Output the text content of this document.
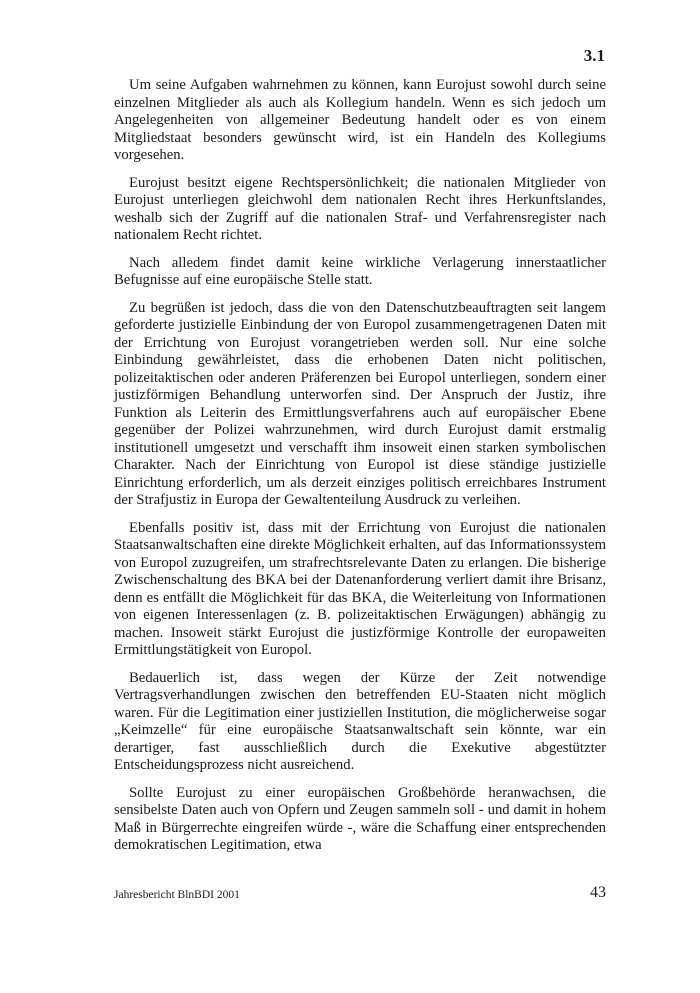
3.1

Um seine Aufgaben wahrnehmen zu können, kann Eurojust sowohl durch seine einzelnen Mitglieder als auch als Kollegium handeln. Wenn es sich jedoch um Angelegenheiten von allgemeiner Bedeutung handelt oder es von einem Mitgliedstaat besonders gewünscht wird, ist ein Handeln des Kollegiums vorgesehen.

Eurojust besitzt eigene Rechtspersönlichkeit; die nationalen Mitglieder von Eurojust unterliegen gleichwohl dem nationalen Recht ihres Herkunftslandes, weshalb sich der Zugriff auf die nationalen Straf- und Verfahrensregister nach nationalem Recht richtet.

Nach alledem findet damit keine wirkliche Verlagerung innerstaatlicher Befugnisse auf eine europäische Stelle statt.

Zu begrüßen ist jedoch, dass die von den Datenschutzbeauftragten seit langem geforderte justizielle Einbindung der von Europol zusammengetragenen Daten mit der Errichtung von Eurojust vorangetrieben werden soll. Nur eine solche Einbindung gewährleistet, dass die erhobenen Daten nicht politischen, polizeitaktischen oder anderen Präferenzen bei Europol unterliegen, sondern einer justizförmigen Behandlung unterworfen sind. Der Anspruch der Justiz, ihre Funktion als Leiterin des Ermittlungsverfahrens auch auf europäischer Ebene gegenüber der Polizei wahrzunehmen, wird durch Eurojust damit erstmalig institutionell umgesetzt und verschafft ihm insoweit einen starken symbolischen Charakter. Nach der Einrichtung von Europol ist diese ständige justizielle Einrichtung erforderlich, um als derzeit einziges politisch erreichbares Instrument der Strafjustiz in Europa der Gewaltenteilung Ausdruck zu verleihen.

Ebenfalls positiv ist, dass mit der Errichtung von Eurojust die nationalen Staatsanwaltschaften eine direkte Möglichkeit erhalten, auf das Informationssystem von Europol zuzugreifen, um strafrechtsrelevante Daten zu erlangen. Die bisherige Zwischenschaltung des BKA bei der Datenanforderung verliert damit ihre Brisanz, denn es entfällt die Möglichkeit für das BKA, die Weiterleitung von Informationen von eigenen Interessenlagen (z. B. polizeitaktischen Erwägungen) abhängig zu machen. Insoweit stärkt Eurojust die justizförmige Kontrolle der europaweiten Ermittlungstätigkeit von Europol.

Bedauerlich ist, dass wegen der Kürze der Zeit notwendige Vertragsverhandlungen zwischen den betreffenden EU-Staaten nicht möglich waren. Für die Legitimation einer justiziellen Institution, die möglicherweise sogar „Keimzelle“ für eine europäische Staatsanwaltschaft sein könnte, war ein derartiger, fast ausschließlich durch die Exekutive abgestützter Entscheidungsprozess nicht ausreichend.

Sollte Eurojust zu einer europäischen Großbehörde heranwachsen, die sensibelste Daten auch von Opfern und Zeugen sammeln soll - und damit in hohem Maß in Bürgerrechte eingreifen würde -, wäre die Schaffung einer entsprechenden demokratischen Legitimation, etwa

Jahresbericht BlnBDI 2001	43
